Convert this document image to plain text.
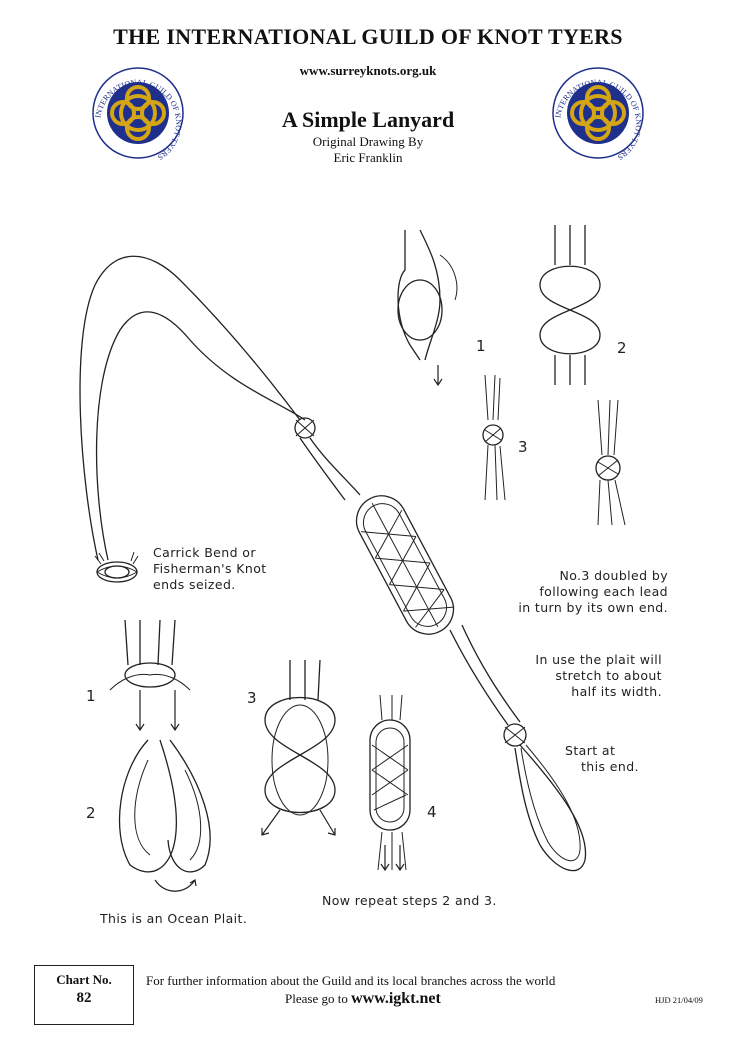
THE INTERNATIONAL GUILD OF KNOT TYERS
www.surreyknots.org.uk
A Simple Lanyard
Original Drawing By
Eric Franklin
INTERNATIONAL GUILD OF KNOT TYERS
INTERNATIONAL GUILD OF KNOT TYERS
1	2
3
1
2
3
4
Carrick Bend or
Fisherman's Knot
ends seized.
No.3 doubled by
following each lead
in turn by its own end.
In use the plait will
stretch to about
half its width.
Start at
this end.
This is an Ocean Plait.
Now repeat steps 2 and 3.
Chart No.
82
For further information about the Guild and its local branches across the world
Please go to www.igkt.net	HJD 21/04/09
